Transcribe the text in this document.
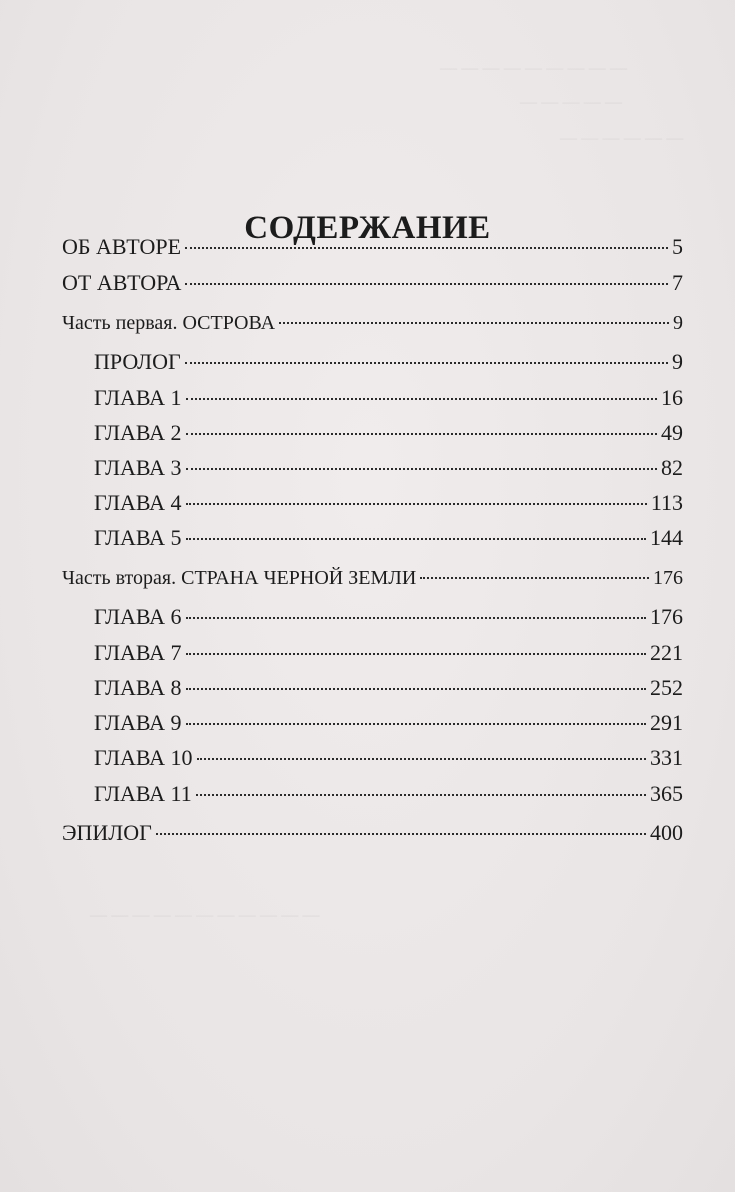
— — — — — — — — —
— — — — —
— — — — — —
— — — — — — — — — — —
СОДЕРЖАНИЕ
ОБ АВТОРЕ	5
ОТ АВТОРА	7
Часть первая. ОСТРОВА	9
ПРОЛОГ	9
ГЛАВА 1	16
ГЛАВА 2	49
ГЛАВА 3	82
ГЛАВА 4	113
ГЛАВА 5	144
Часть вторая. СТРАНА ЧЕРНОЙ ЗЕМЛИ	176
ГЛАВА 6	176
ГЛАВА 7	221
ГЛАВА 8	252
ГЛАВА 9	291
ГЛАВА 10	331
ГЛАВА 11	365
ЭПИЛОГ	400
